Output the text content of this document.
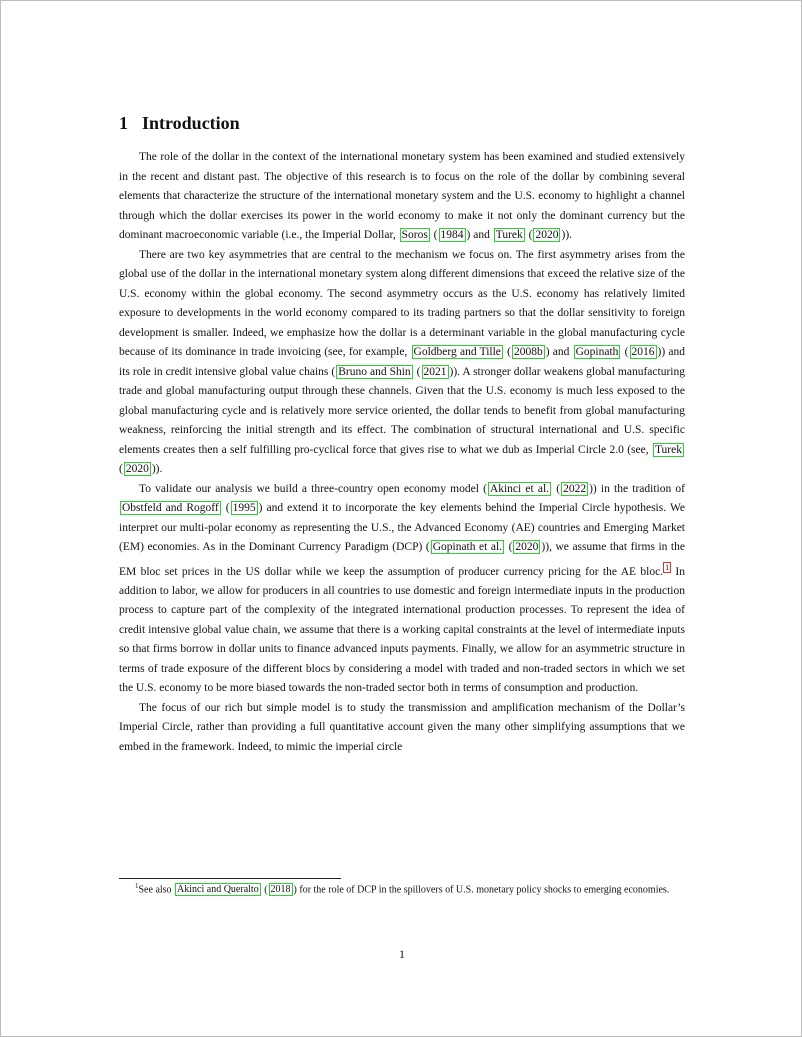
1 Introduction

The role of the dollar in the context of the international monetary system has been examined and studied extensively in the recent and distant past. The objective of this research is to focus on the role of the dollar by combining several elements that characterize the structure of the international monetary system and the U.S. economy to highlight a channel through which the dollar exercises its power in the world economy to make it not only the dominant currency but the dominant macroeconomic variable (i.e., the Imperial Dollar, Soros ( 1984 ) and Turek ( 2020 )).

There are two key asymmetries that are central to the mechanism we focus on. The first asymmetry arises from the global use of the dollar in the international monetary system along different dimensions that exceed the relative size of the U.S. economy within the global economy. The second asymmetry occurs as the U.S. economy has relatively limited exposure to developments in the world economy compared to its trading partners so that the dollar sensitivity to foreign development is smaller. Indeed, we emphasize how the dollar is a determinant variable in the global manufacturing cycle because of its dominance in trade invoicing (see, for example, Goldberg and Tille ( 2008b ) and Gopinath ( 2016 )) and its role in credit intensive global value chains ( Bruno and Shin ( 2021 )). A stronger dollar weakens global manufacturing trade and global manufacturing output through these channels. Given that the U.S. economy is much less exposed to the global manufacturing cycle and is relatively more service oriented, the dollar tends to benefit from global manufacturing weakness, reinforcing the initial strength and its effect. The combination of structural international and U.S. specific elements creates then a self fulfilling pro-cyclical force that gives rise to what we dub as Imperial Circle 2.0 (see, Turek ( 2020 )).

To validate our analysis we build a three-country open economy model ( Akinci et al. ( 2022 )) in the tradition of Obstfeld and Rogoff ( 1995 ) and extend it to incorporate the key elements behind the Imperial Circle hypothesis. We interpret our multi-polar economy as representing the U.S., the Advanced Economy (AE) countries and Emerging Market (EM) economies. As in the Dominant Currency Paradigm (DCP) ( Gopinath et al. ( 2020 )), we assume that firms in the EM bloc set prices in the US dollar while we keep the assumption of producer currency pricing for the AE bloc. $^1$ In addition to labor, we allow for producers in all countries to use domestic and foreign intermediate inputs in the production process to capture part of the complexity of the integrated international production processes. To represent the idea of credit intensive global value chain, we assume that there is a working capital constraints at the level of intermediate inputs so that firms borrow in dollar units to finance advanced inputs payments. Finally, we allow for an asymmetric structure in terms of trade exposure of the different blocs by considering a model with traded and non-traded sectors in which we set the U.S. economy to be more biased towards the non-traded sector both in terms of consumption and production.

The focus of our rich but simple model is to study the transmission and amplification mechanism of the Dollar’s Imperial Circle, rather than providing a full quantitative account given the many other simplifying assumptions that we embed in the framework. Indeed, to mimic the imperial circle

$^1$See also Akinci and Queralto ( 2018 ) for the role of DCP in the spillovers of U.S. monetary policy shocks to emerging economies.
1
